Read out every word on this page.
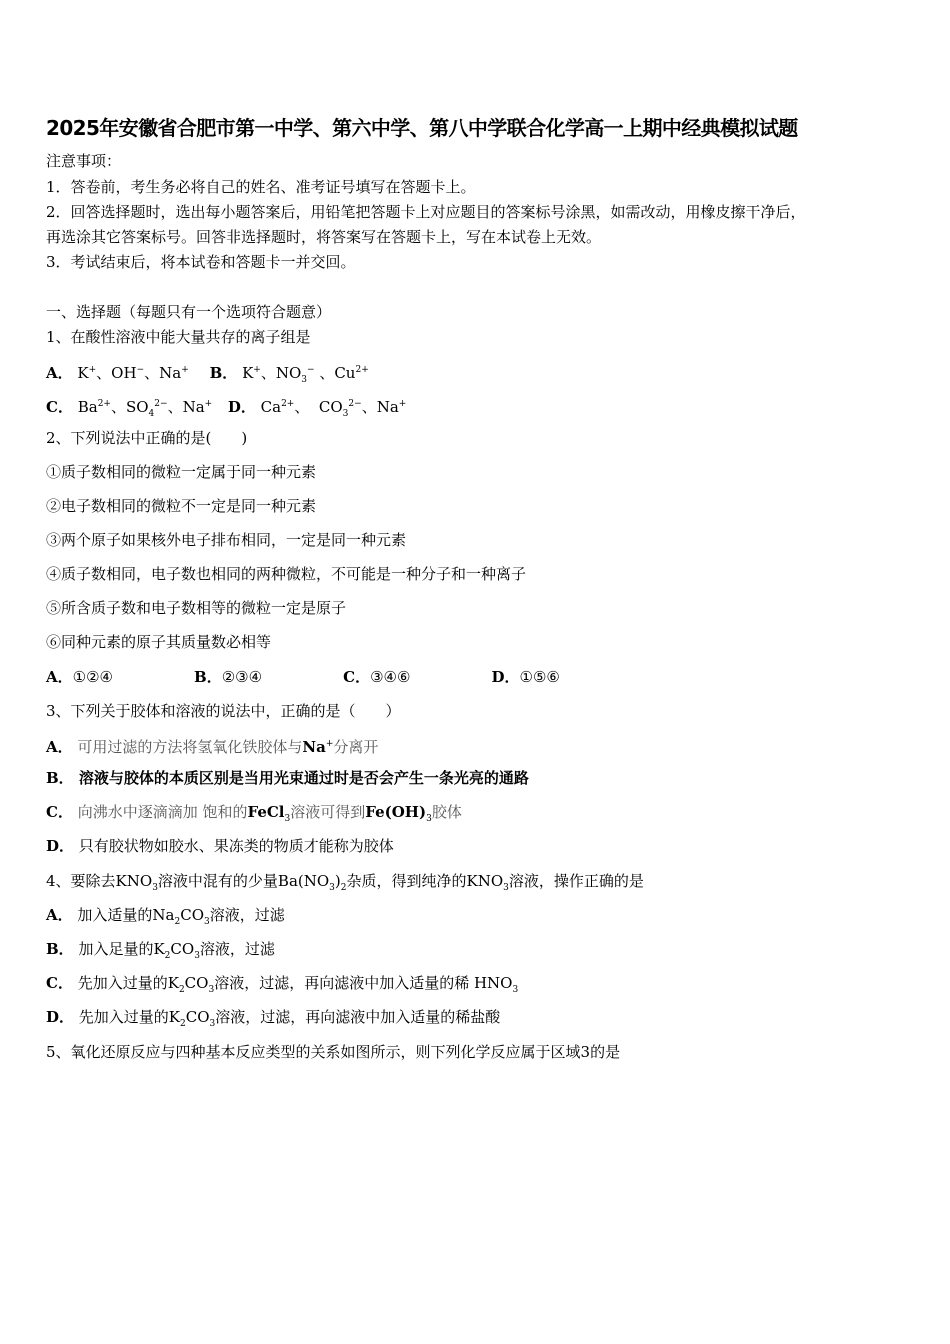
2025年安徽省合肥市第一中学、第六中学、第八中学联合化学高一上期中经典模拟试题
注意事项：
1．答卷前，考生务必将自己的姓名、准考证号填写在答题卡上。
2．回答选择题时，选出每小题答案后，用铅笔把答题卡上对应题目的答案标号涂黑，如需改动，用橡皮擦干净后，
再选涂其它答案标号。回答非选择题时，将答案写在答题卡上，写在本试卷上无效。
3．考试结束后，将本试卷和答题卡一并交回。
一、选择题（每题只有一个选项符合题意）
1、在酸性溶液中能大量共存的离子组是
A． K+、OH−、Na+    B． K+、$NO_3^-$ 、$Cu^{2+}$
C． $Ba^{2+}$、$SO_4^{2-}$、Na+   D． $Ca^{2+}$、  $CO_3^{2-}$、Na+
2、下列说法中正确的是(　　)
①质子数相同的微粒一定属于同一种元素
②电子数相同的微粒不一定是同一种元素
③两个原子如果核外电子排布相同，一定是同一种元素
④质子数相同，电子数也相同的两种微粒，不可能是一种分子和一种离子
⑤所含质子数和电子数相等的微粒一定是原子
⑥同种元素的原子其质量数必相等
A．①②④                 B．②③④                 C．③④⑥                 D．①⑤⑥
3、下列关于胶体和溶液的说法中，正确的是（　　）
A． 可用过滤的方法将氢氧化铁胶体与Na+分离开
B． 溶液与胶体的本质区别是当用光束通过时是否会产生一条光亮的通路
C． 向沸水中逐滴滴加 饱和的FeCl$_3$溶液可得到$Fe(OH)_3$胶体
D． 只有胶状物如胶水、果冻类的物质才能称为胶体
4、要除去$KNO_3$溶液中混有的少量$Ba(NO_3)_2$杂质，得到纯净的$KNO_3$溶液，操作正确的是
A． 加入适量的$Na_2CO_3$溶液，过滤
B． 加入足量的$K_2CO_3$溶液，过滤
C． 先加入过量的$K_2CO_3$溶液，过滤，再向滤液中加入适量的稀 $HNO_3$
D． 先加入过量的$K_2CO_3$溶液，过滤，再向滤液中加入适量的稀盐酸
5、氧化还原反应与四种基本反应类型的关系如图所示，则下列化学反应属于区域3的是
